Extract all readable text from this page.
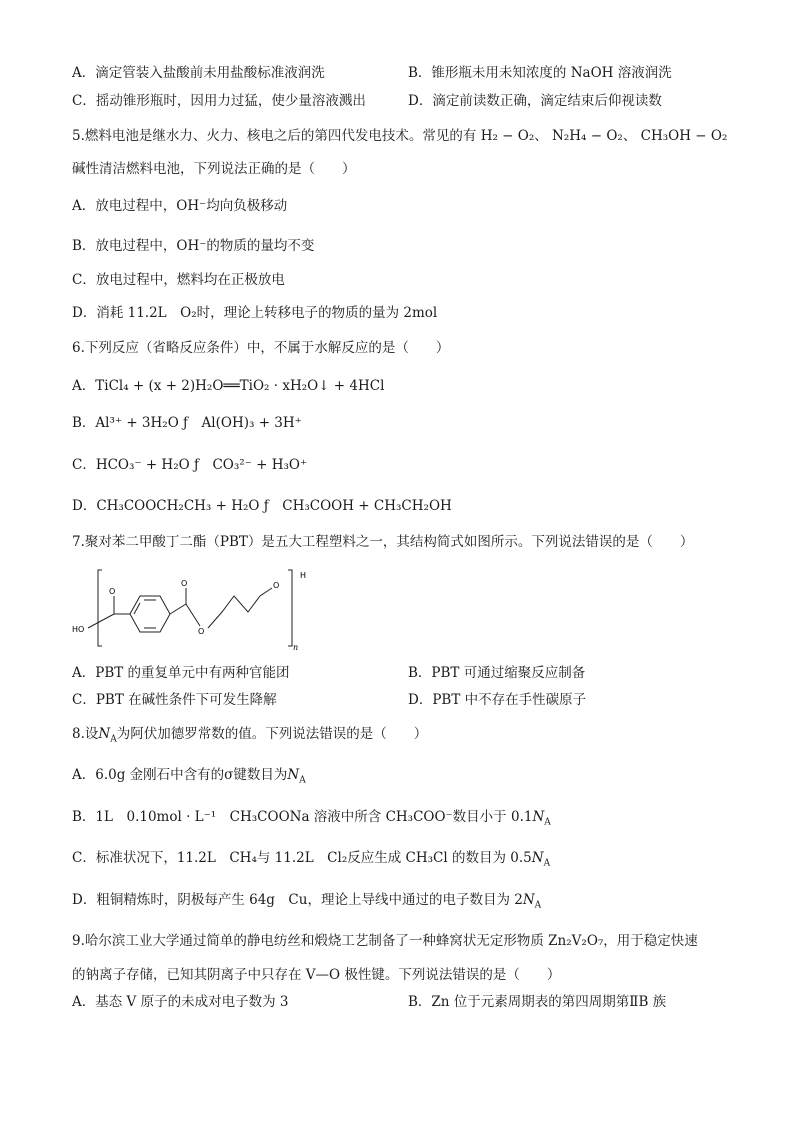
A．滴定管装入盐酸前未用盐酸标准液润洗	B．锥形瓶未用未知浓度的 NaOH 溶液润洗
C．摇动锥形瓶时，因用力过猛，使少量溶液溅出	D．滴定前读数正确，滴定结束后仰视读数
5.燃料电池是继水力、火力、核电之后的第四代发电技术。常见的有 H₂ − O₂、 N₂H₄ − O₂、 CH₃OH − O₂
碱性清洁燃料电池，下列说法正确的是（　　）
A．放电过程中，OH⁻均向负极移动
B．放电过程中，OH⁻的物质的量均不变
C．放电过程中，燃料均在正极放电
D．消耗 11.2L　O₂时，理论上转移电子的物质的量为 2mol
6.下列反应（省略反应条件）中，不属于水解反应的是（　　）
A．TiCl₄ + (x + 2)H₂O══TiO₂ · xH₂O↓ + 4HCl
B．Al³⁺ + 3H₂O ƒ　Al(OH)₃ + 3H⁺
C．HCO₃⁻ + H₂O ƒ　CO₃²⁻ + H₃O⁺
D．CH₃COOCH₂CH₃ + H₂O ƒ　CH₃COOH + CH₃CH₂OH
7.聚对苯二甲酸丁二酯（PBT）是五大工程塑料之一，其结构简式如图所示。下列说法错误的是（　　）
HO
O
O
O
O
H
n
A．PBT 的重复单元中有两种官能团	B．PBT 可通过缩聚反应制备
C．PBT 在碱性条件下可发生降解	D．PBT 中不存在手性碳原子
8.设$N_A$为阿伏加德罗常数的值。下列说法错误的是（　　）
A．6.0g 金刚石中含有的σ键数目为$N_A$
B．1L　0.10mol · L⁻¹　CH₃COONa 溶液中所含 CH₃COO⁻数目小于 $0.1N_A$
C．标准状况下，11.2L　CH₄与 11.2L　Cl₂反应生成 CH₃Cl 的数目为 $0.5N_A$
D．粗铜精炼时，阴极每产生 64g　Cu，理论上导线中通过的电子数目为 $2N_A$
9.哈尔滨工业大学通过简单的静电纺丝和煅烧工艺制备了一种蜂窝状无定形物质 Zn₂V₂O₇，用于稳定快速
的钠离子存储，已知其阴离子中只存在 V—O 极性键。下列说法错误的是（　　）
A．基态 V 原子的未成对电子数为 3	B．Zn 位于元素周期表的第四周期第ⅡB 族
